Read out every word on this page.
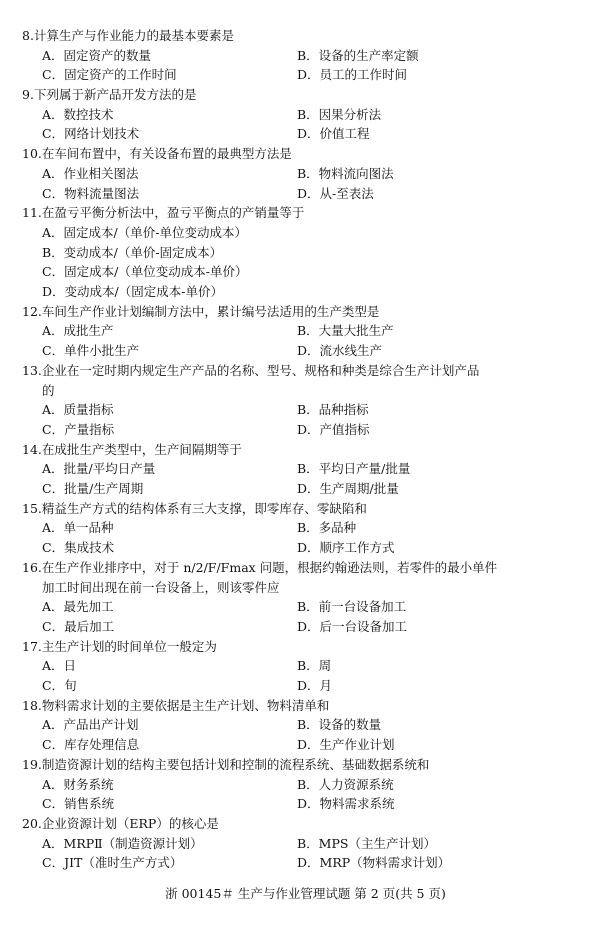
8.计算生产与作业能力的最基本要素是
A．固定资产的数量	B．设备的生产率定额
C．固定资产的工作时间	D．员工的工作时间
9.下列属于新产品开发方法的是
A．数控技术	B．因果分析法
C．网络计划技术	D．价值工程
10.在车间布置中，有关设备布置的最典型方法是
A．作业相关图法	B．物料流向图法
C．物料流量图法	D．从-至表法
11.在盈亏平衡分析法中，盈亏平衡点的产销量等于
A．固定成本/（单价-单位变动成本）
B．变动成本/（单价-固定成本）
C．固定成本/（单位变动成本-单价）
D．变动成本/（固定成本-单价）
12.车间生产作业计划编制方法中，累计编号法适用的生产类型是
A．成批生产	B．大量大批生产
C．单件小批生产	D．流水线生产
13.企业在一定时期内规定生产产品的名称、型号、规格和种类是综合生产计划产品
的
A．质量指标	B．品种指标
C．产量指标	D．产值指标
14.在成批生产类型中，生产间隔期等于
A．批量/平均日产量	B．平均日产量/批量
C．批量/生产周期	D．生产周期/批量
15.精益生产方式的结构体系有三大支撑，即零库存、零缺陷和
A．单一品种	B．多品种
C．集成技术	D．顺序工作方式
16.在生产作业排序中，对于 n/2/F/Fmax 问题，根据约翰逊法则，若零件的最小单件
加工时间出现在前一台设备上，则该零件应
A．最先加工	B．前一台设备加工
C．最后加工	D．后一台设备加工
17.主生产计划的时间单位一般定为
A．日	B．周
C．旬	D．月
18.物料需求计划的主要依据是主生产计划、物料清单和
A．产品出产计划	B．设备的数量
C．库存处理信息	D．生产作业计划
19.制造资源计划的结构主要包括计划和控制的流程系统、基础数据系统和
A．财务系统	B．人力资源系统
C．销售系统	D．物料需求系统
20.企业资源计划（ERP）的核心是
A．MRPⅡ（制造资源计划）	B．MPS（主生产计划）
C．JIT（准时生产方式）	D．MRP（物料需求计划）
浙 00145＃ 生产与作业管理试题 第 2 页(共 5 页)
